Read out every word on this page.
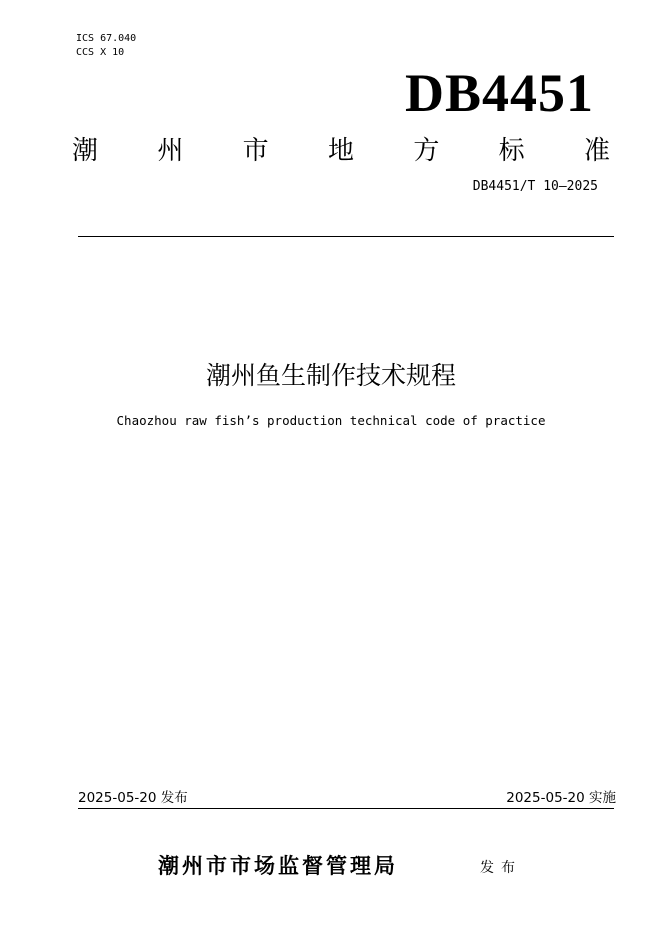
ICS 67.040
CCS X 10
DB4451
潮 州 市 地 方 标 准
DB4451/T 10—2025
潮州鱼生制作技术规程
Chaozhou raw fish’s production technical code of practice
2025-05-20 发布	2025-05-20 实施
潮州市市场监督管理局	发布
